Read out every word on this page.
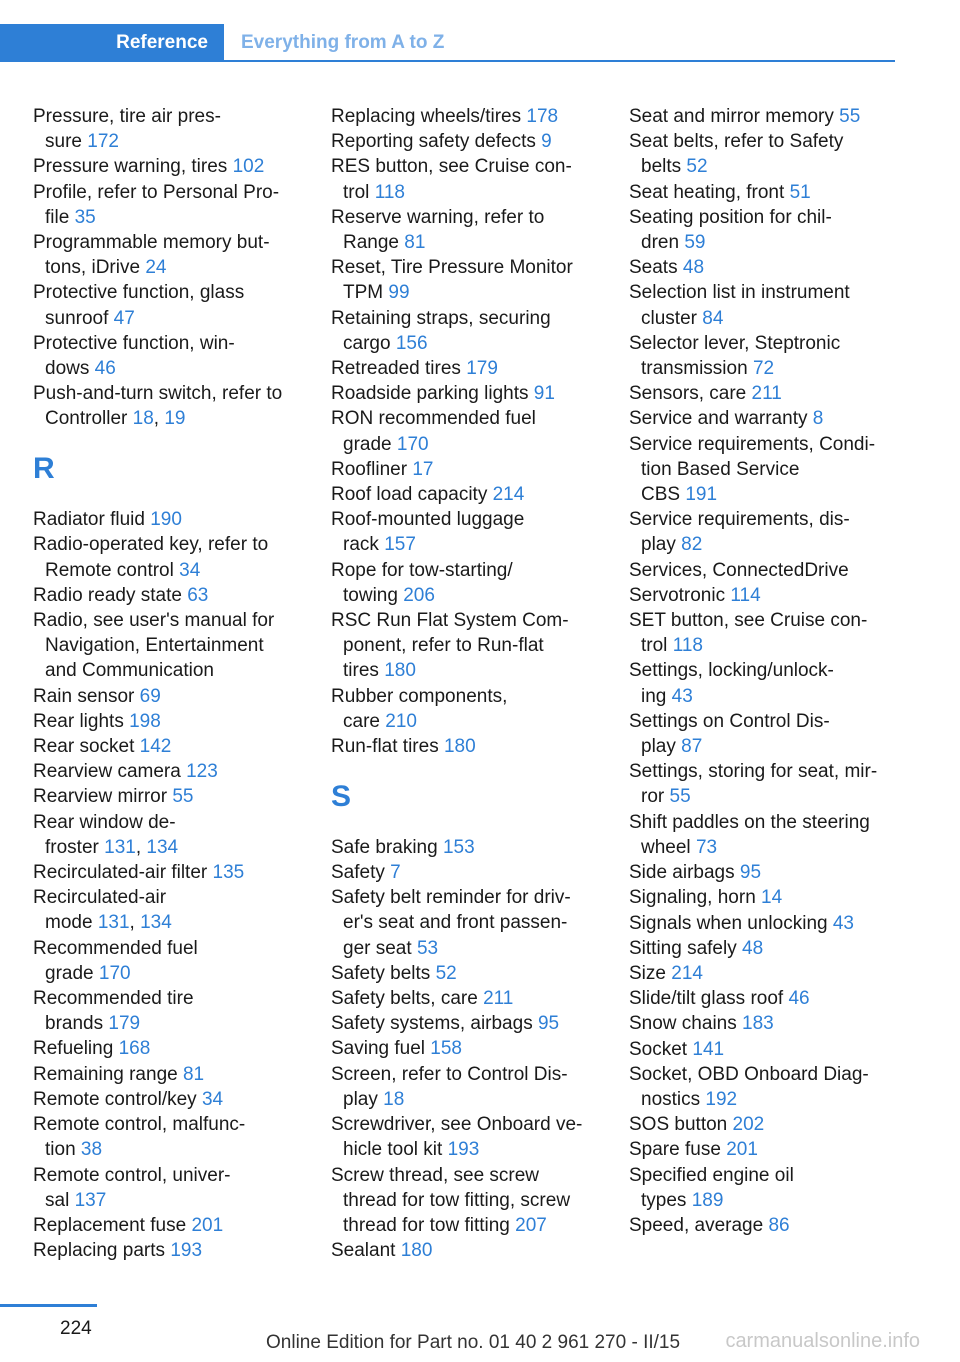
Reference	Everything from A to Z
Pressure, tire air pres-
sure 172
Pressure warning, tires 102
Profile, refer to Personal Pro-
file 35
Programmable memory but-
tons, iDrive 24
Protective function, glass
sunroof 47
Protective function, win-
dows 46
Push-and-turn switch, refer to
Controller 18, 19
R
Radiator fluid 190
Radio-operated key, refer to
Remote control 34
Radio ready state 63
Radio, see user's manual for
Navigation, Entertainment
and Communication
Rain sensor 69
Rear lights 198
Rear socket 142
Rearview camera 123
Rearview mirror 55
Rear window de-
froster 131, 134
Recirculated-air filter 135
Recirculated-air
mode 131, 134
Recommended fuel
grade 170
Recommended tire
brands 179
Refueling 168
Remaining range 81
Remote control/key 34
Remote control, malfunc-
tion 38
Remote control, univer-
sal 137
Replacement fuse 201
Replacing parts 193
Replacing wheels/tires 178
Reporting safety defects 9
RES button, see Cruise con-
trol 118
Reserve warning, refer to
Range 81
Reset, Tire Pressure Monitor
TPM 99
Retaining straps, securing
cargo 156
Retreaded tires 179
Roadside parking lights 91
RON recommended fuel
grade 170
Roofliner 17
Roof load capacity 214
Roof-mounted luggage
rack 157
Rope for tow-starting/
towing 206
RSC Run Flat System Com-
ponent, refer to Run-flat
tires 180
Rubber components,
care 210
Run-flat tires 180
S
Safe braking 153
Safety 7
Safety belt reminder for driv-
er's seat and front passen-
ger seat 53
Safety belts 52
Safety belts, care 211
Safety systems, airbags 95
Saving fuel 158
Screen, refer to Control Dis-
play 18
Screwdriver, see Onboard ve-
hicle tool kit 193
Screw thread, see screw
thread for tow fitting, screw
thread for tow fitting 207
Sealant 180
Seat and mirror memory 55
Seat belts, refer to Safety
belts 52
Seat heating, front 51
Seating position for chil-
dren 59
Seats 48
Selection list in instrument
cluster 84
Selector lever, Steptronic
transmission 72
Sensors, care 211
Service and warranty 8
Service requirements, Condi-
tion Based Service
CBS 191
Service requirements, dis-
play 82
Services, ConnectedDrive
Servotronic 114
SET button, see Cruise con-
trol 118
Settings, locking/unlock-
ing 43
Settings on Control Dis-
play 87
Settings, storing for seat, mir-
ror 55
Shift paddles on the steering
wheel 73
Side airbags 95
Signaling, horn 14
Signals when unlocking 43
Sitting safely 48
Size 214
Slide/tilt glass roof 46
Snow chains 183
Socket 141
Socket, OBD Onboard Diag-
nostics 192
SOS button 202
Spare fuse 201
Specified engine oil
types 189
Speed, average 86
224
Online Edition for Part no. 01 40 2 961 270 - II/15 carmanualsonline.info
